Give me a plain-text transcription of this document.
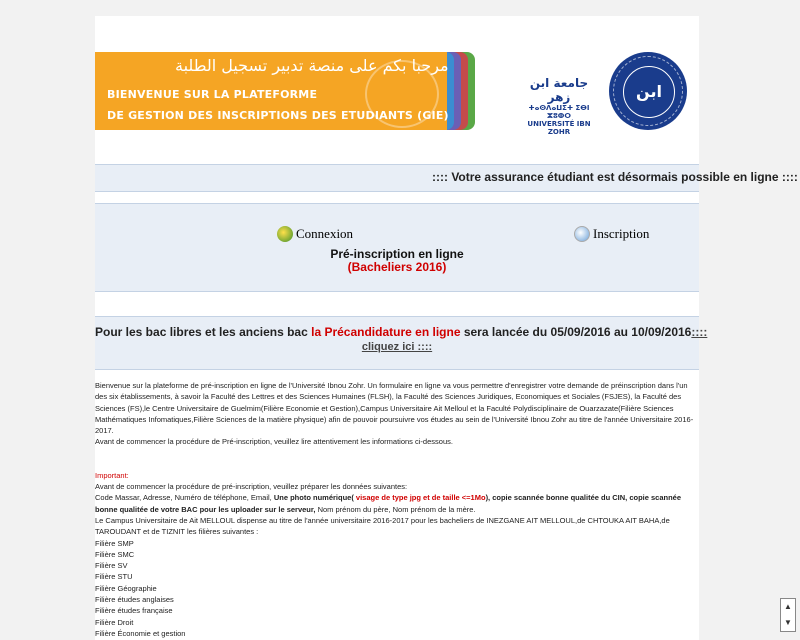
مرحبا بكم على منصة تدبير تسجيل الطلبة
BIENVENUE SUR LA PLATEFORME
DE GESTION DES INSCRIPTIONS DES ETUDIANTS (GIE)
جامعة ابن زهر
ⵜⴰⵙⴷⴰⵡⵉⵜ ⵉⴱⵏ ⵣⵓⵀⵔ
UNIVERSITÉ IBN ZOHR
ابن زهر
:::: Votre assurance étudiant est désormais possible en ligne ::::
Connexion	Inscription
Pré-inscription en ligne
(Bacheliers 2016)
Pour les bac libres et les anciens bac la Précandidature en ligne sera lancée du 05/09/2016 au 10/09/2016::::
cliquez ici ::::

Bienvenue sur la plateforme de pré-inscription en ligne de l'Université Ibnou Zohr. Un formulaire en ligne va vous permettre d'enregistrer votre demande de préinscription dans l'un des six établissements, à savoir la Faculté des Lettres et des Sciences Humaines (FLSH), la Faculté des Sciences Juridiques, Economiques et Sociales (FSJES), la Faculté des Sciences (FS),le Centre Universitaire de Guelmim(Filière Economie et Gestion),Campus Universitaire Ait Melloul et la Faculté Polydisciplinaire de Ouarzazate(Filière Sciences Mathématiques Infomatiques,Filière Sciences de la matière physique) afin de pouvoir poursuivre vos études au sein de l'Université Ibnou Zohr au titre de l'année Universitaire 2016-2017.

Avant de commencer la procédure de Pré-inscription, veuillez lire attentivement les informations ci-dessous.

Important:

Avant de commencer la procédure de pré-inscription, veuillez préparer les données suivantes:

Code Massar, Adresse, Numéro de téléphone, Email, Une photo numérique( visage de type jpg et de taille <=1Mo), copie scannée bonne qualitée du CIN, copie scannée bonne qualitée de votre BAC pour les uploader sur le serveur, Nom prénom du père, Nom prénom de la mère.

Le Campus Universitaire de Ait MELLOUL dispense au titre de l'année universitaire 2016-2017 pour les bacheliers de INEZGANE AIT MELLOUL,de CHTOUKA AIT BAHA,de TAROUDANT et de TIZNIT les filières suivantes :

Filière SMP

Filière SMC

Filière SV

Filière STU

Filière Géographie

Filière études anglaises

Filière études française

Filière Droit

Filière Économie et gestion

▲
▼
